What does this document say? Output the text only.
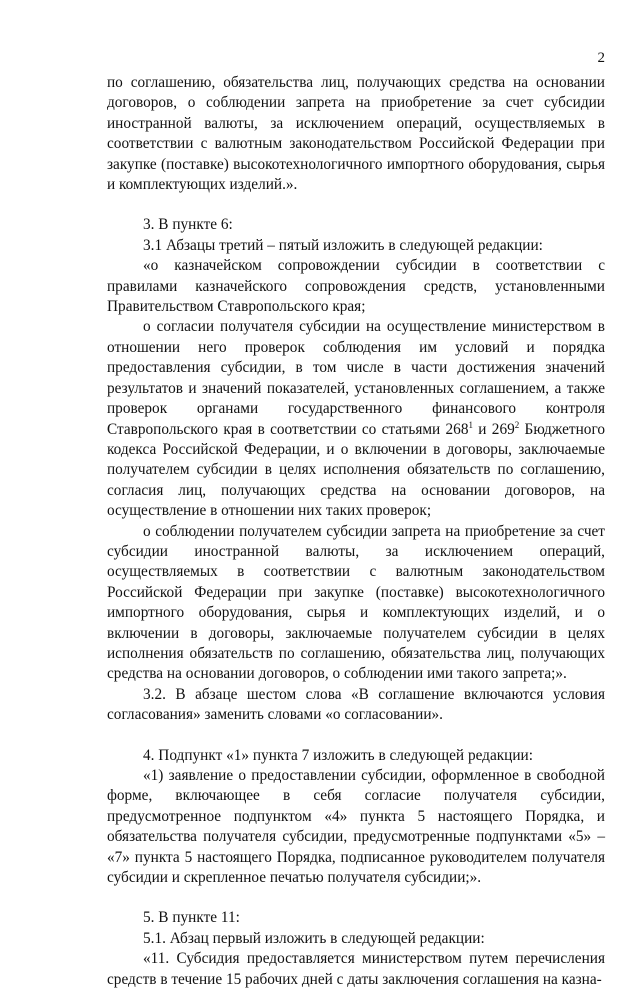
2

по соглашению, обязательства лиц, получающих средства на основании договоров, о соблюдении запрета на приобретение за счет субсидии иностранной валюты, за исключением операций, осуществляемых в соответствии с валютным законодательством Российской Федерации при закупке (поставке) высокотехнологичного импортного оборудования, сырья и комплектующих изделий.».

3. В пункте 6:

3.1 Абзацы третий – пятый изложить в следующей редакции:

«о казначейском сопровождении субсидии в соответствии с правилами казначейского сопровождения средств, установленными Правительством Ставропольского края;

о согласии получателя субсидии на осуществление министерством в отношении него проверок соблюдения им условий и порядка предоставления субсидии, в том числе в части достижения значений результатов и значений показателей, установленных соглашением, а также проверок органами государственного финансового контроля Ставропольского края в соответствии со статьями $268^1$ и $269^2$ Бюджетного кодекса Российской Федерации, и о включении в договоры, заключаемые получателем субсидии в целях исполнения обязательств по соглашению, согласия лиц, получающих средства на основании договоров, на осуществление в отношении них таких проверок;

о соблюдении получателем субсидии запрета на приобретение за счет субсидии иностранной валюты, за исключением операций, осуществляемых в соответствии с валютным законодательством Российской Федерации при закупке (поставке) высокотехнологичного импортного оборудования, сырья и комплектующих изделий, и о включении в договоры, заключаемые получателем субсидии в целях исполнения обязательств по соглашению, обязательства лиц, получающих средства на основании договоров, о соблюдении ими такого запрета;».

3.2. В абзаце шестом слова «В соглашение включаются условия согласования» заменить словами «о согласовании».

4. Подпункт «1» пункта 7 изложить в следующей редакции:

«1) заявление о предоставлении субсидии, оформленное в свободной форме, включающее в себя согласие получателя субсидии, предусмотренное подпунктом «4» пункта 5 настоящего Порядка, и обязательства получателя субсидии, предусмотренные подпунктами «5» – «7» пункта 5 настоящего Порядка, подписанное руководителем получателя субсидии и скрепленное печатью получателя субсидии;».

5. В пункте 11:

5.1. Абзац первый изложить в следующей редакции:

«11. Субсидия предоставляется министерством путем перечисления средств в течение 15 рабочих дней с даты заключения соглашения на казна-
